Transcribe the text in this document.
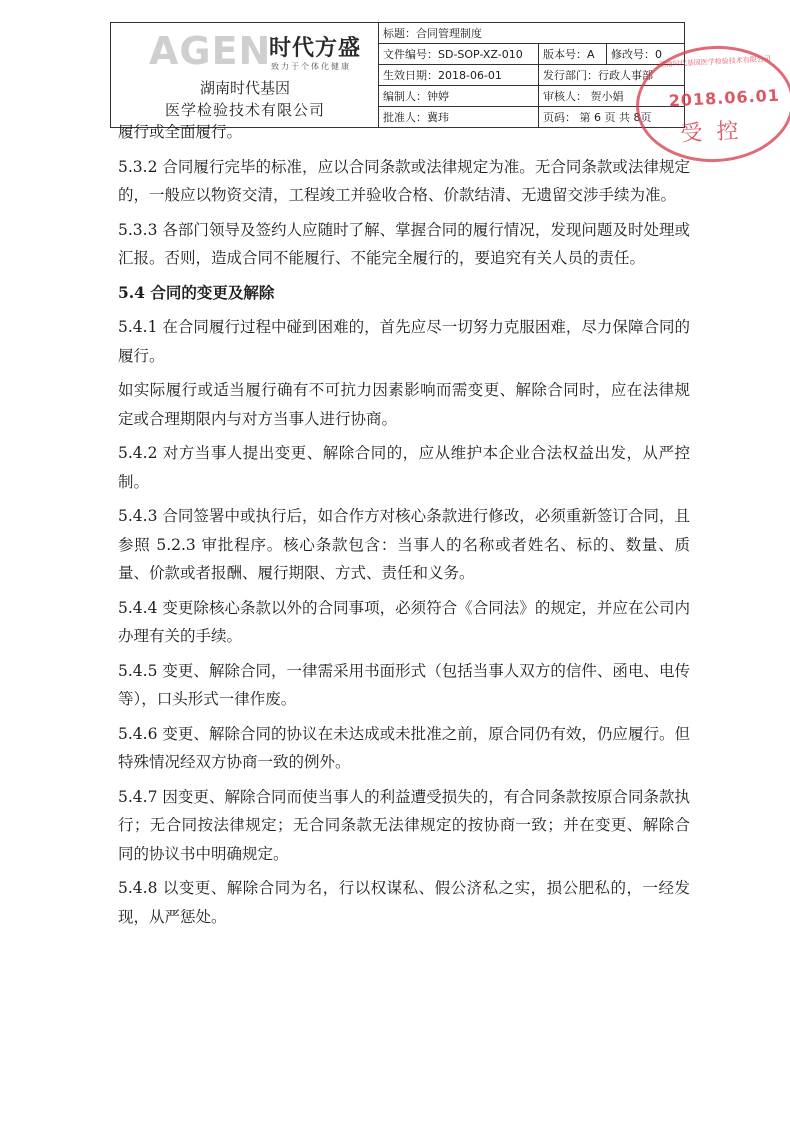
AGEN
时代方盛
致力于个体化健康
湖南时代基因
医学检验技术有限公司	标题：合同管理制度		
	文件编号：SD-SOP-XZ-010	版本号：A	修改号：0
	生效日期：2018-06-01	发行部门：行政人事部	
	编制人：钟婷	审核人： 贺小娟	
	批准人：冀玮	页码： 第 6 页 共 8页	
湖南时代基因医学检验技术有限公司
2018.06.01
受控

履行或全面履行。

5.3.2 合同履行完毕的标准，应以合同条款或法律规定为准。无合同条款或法律规定的，一般应以物资交清，工程竣工并验收合格、价款结清、无遗留交涉手续为准。

5.3.3 各部门领导及签约人应随时了解、掌握合同的履行情况，发现问题及时处理或汇报。否则，造成合同不能履行、不能完全履行的，要追究有关人员的责任。

5.4 合同的变更及解除

5.4.1 在合同履行过程中碰到困难的，首先应尽一切努力克服困难，尽力保障合同的履行。

如实际履行或适当履行确有不可抗力因素影响而需变更、解除合同时，应在法律规定或合理期限内与对方当事人进行协商。

5.4.2 对方当事人提出变更、解除合同的，应从维护本企业合法权益出发，从严控制。

5.4.3 合同签署中或执行后，如合作方对核心条款进行修改，必须重新签订合同，且参照 5.2.3 审批程序。核心条款包含：当事人的名称或者姓名、标的、数量、质量、价款或者报酬、履行期限、方式、责任和义务。

5.4.4 变更除核心条款以外的合同事项，必须符合《合同法》的规定，并应在公司内办理有关的手续。

5.4.5 变更、解除合同，一律需采用书面形式（包括当事人双方的信件、函电、电传等），口头形式一律作废。

5.4.6 变更、解除合同的协议在未达成或未批准之前，原合同仍有效，仍应履行。但特殊情况经双方协商一致的例外。

5.4.7 因变更、解除合同而使当事人的利益遭受损失的，有合同条款按原合同条款执行；无合同按法律规定；无合同条款无法律规定的按协商一致；并在变更、解除合同的协议书中明确规定。

5.4.8 以变更、解除合同为名，行以权谋私、假公济私之实，损公肥私的，一经发现，从严惩处。
